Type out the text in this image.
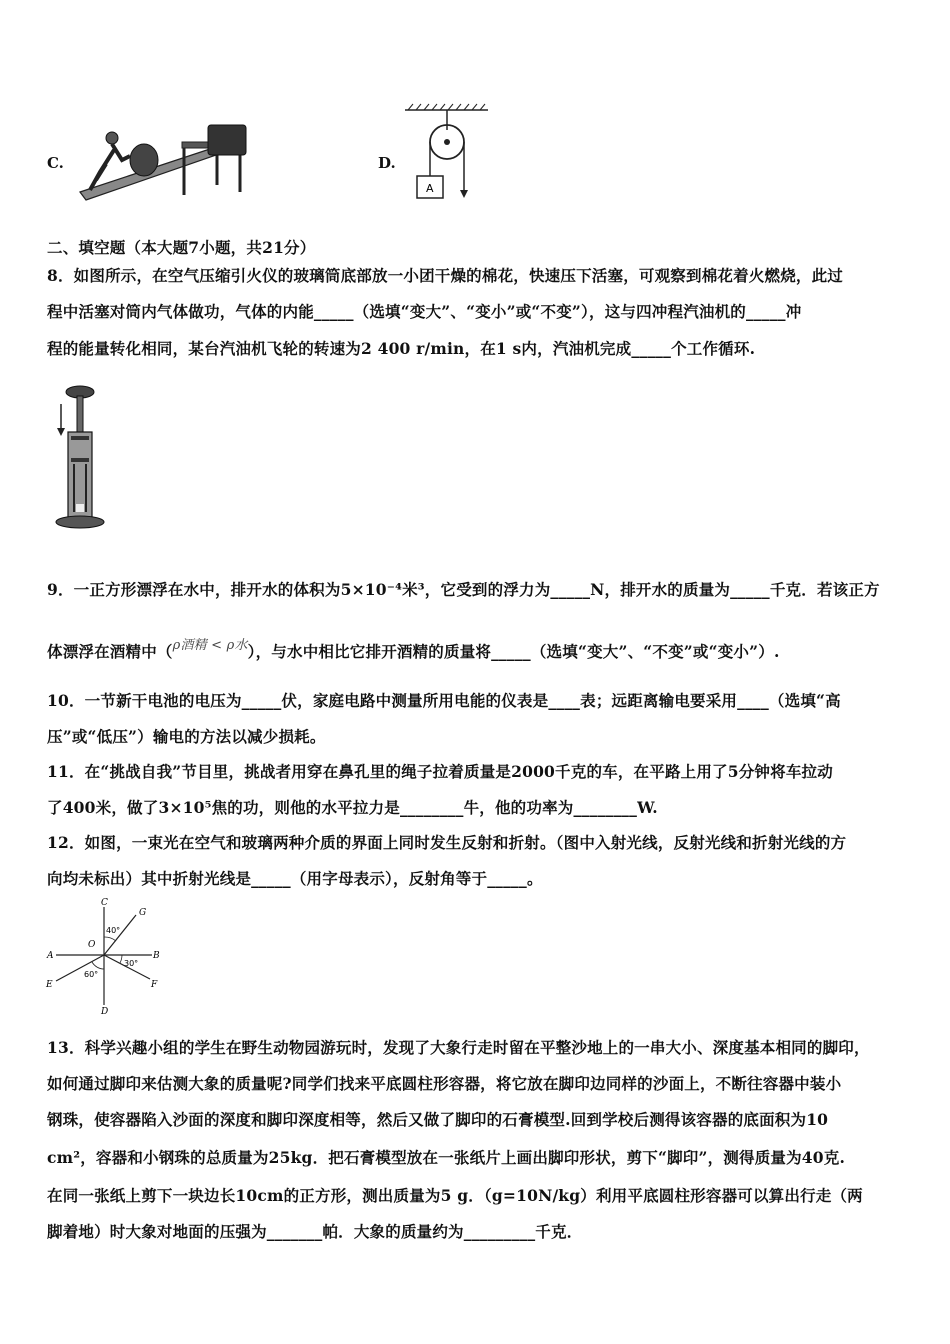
C.	D.
A
二、填空题（本大题7小题，共21分）
8．如图所示，在空气压缩引火仪的玻璃筒底部放一小团干燥的棉花，快速压下活塞，可观察到棉花着火燃烧，此过
程中活塞对筒内气体做功，气体的内能_____（选填“变大”、“变小”或“不变”），这与四冲程汽油机的_____冲
程的能量转化相同，某台汽油机飞轮的转速为2 400 r/min，在1 s内，汽油机完成_____个工作循环.
9．一正方形漂浮在水中，排开水的体积为5×10⁻⁴米³，它受到的浮力为_____N，排开水的质量为_____千克．若该正方
体漂浮在酒精中（$^{\rho 酒精 < \rho 水}$），与水中相比它排开酒精的质量将_____（选填“变大”、“不变”或“变小”）.
10．一节新干电池的电压为_____伏，家庭电路中测量所用电能的仪表是____表；远距离输电要采用____（选填“高
压”或“低压”）输电的方法以减少损耗。
11．在“挑战自我”节目里，挑战者用穿在鼻孔里的绳子拉着质量是2000千克的车，在平路上用了5分钟将车拉动
了400米，做了3×10⁵焦的功，则他的水平拉力是________牛，他的功率为________W.
12．如图，一束光在空气和玻璃两种介质的界面上同时发生反射和折射。（图中入射光线，反射光线和折射光线的方
向均未标出）其中折射光线是_____（用字母表示），反射角等于_____。
C
G
O
A	B
E	F
D
40°
30°
60°
13．科学兴趣小组的学生在野生动物园游玩时，发现了大象行走时留在平整沙地上的一串大小、深度基本相同的脚印，
如何通过脚印来估测大象的质量呢?同学们找来平底圆柱形容器，将它放在脚印边同样的沙面上，不断往容器中装小
钢珠，使容器陷入沙面的深度和脚印深度相等，然后又做了脚印的石膏模型.回到学校后测得该容器的底面积为10
cm²，容器和小钢珠的总质量为25kg．把石膏模型放在一张纸片上画出脚印形状，剪下“脚印”，测得质量为40克.
在同一张纸上剪下一块边长10cm的正方形，测出质量为5 g．（g=10N/kg）利用平底圆柱形容器可以算出行走（两
脚着地）时大象对地面的压强为_______帕．大象的质量约为_________千克．
